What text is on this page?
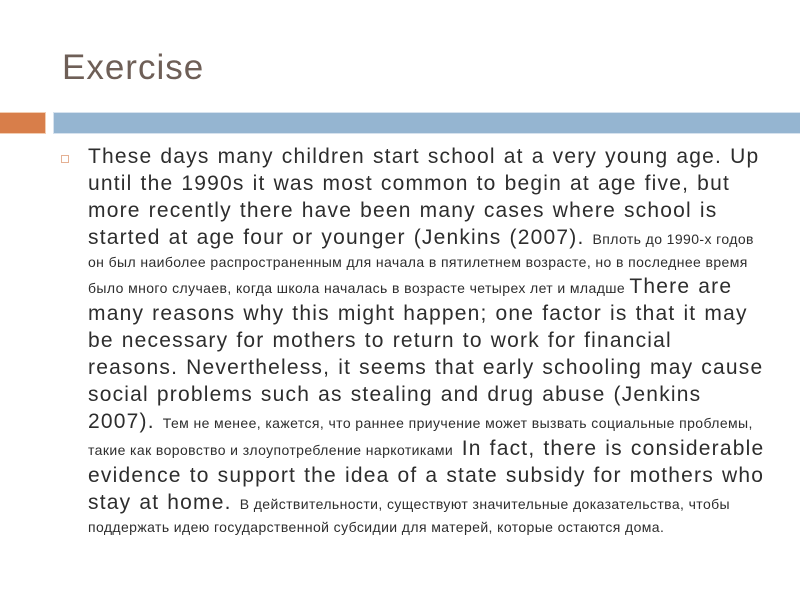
Exercise

These days many children start school at a very young age. Up until the 1990s it was most common to begin at age five, but more recently there have been many cases where school is started at age four or younger (Jenkins (2007). Вплоть до 1990-х годов он был наиболее распространенным для начала в пятилетнем возрасте, но в последнее время было много случаев, когда школа началась в возрасте четырех лет и младше There are many reasons why this might happen; one factor is that it may be necessary for mothers to return to work for financial reasons. Nevertheless, it seems that early schooling may cause social problems such as stealing and drug abuse (Jenkins 2007). Тем не менее, кажется, что раннее приучение может вызвать социальные проблемы, такие как воровство и злоупотребление наркотиками  In fact, there is considerable evidence to support the idea of a state subsidy for mothers who stay at home. В действительности, существуют значительные доказательства, чтобы поддержать идею государственной субсидии для матерей, которые остаются дома.
